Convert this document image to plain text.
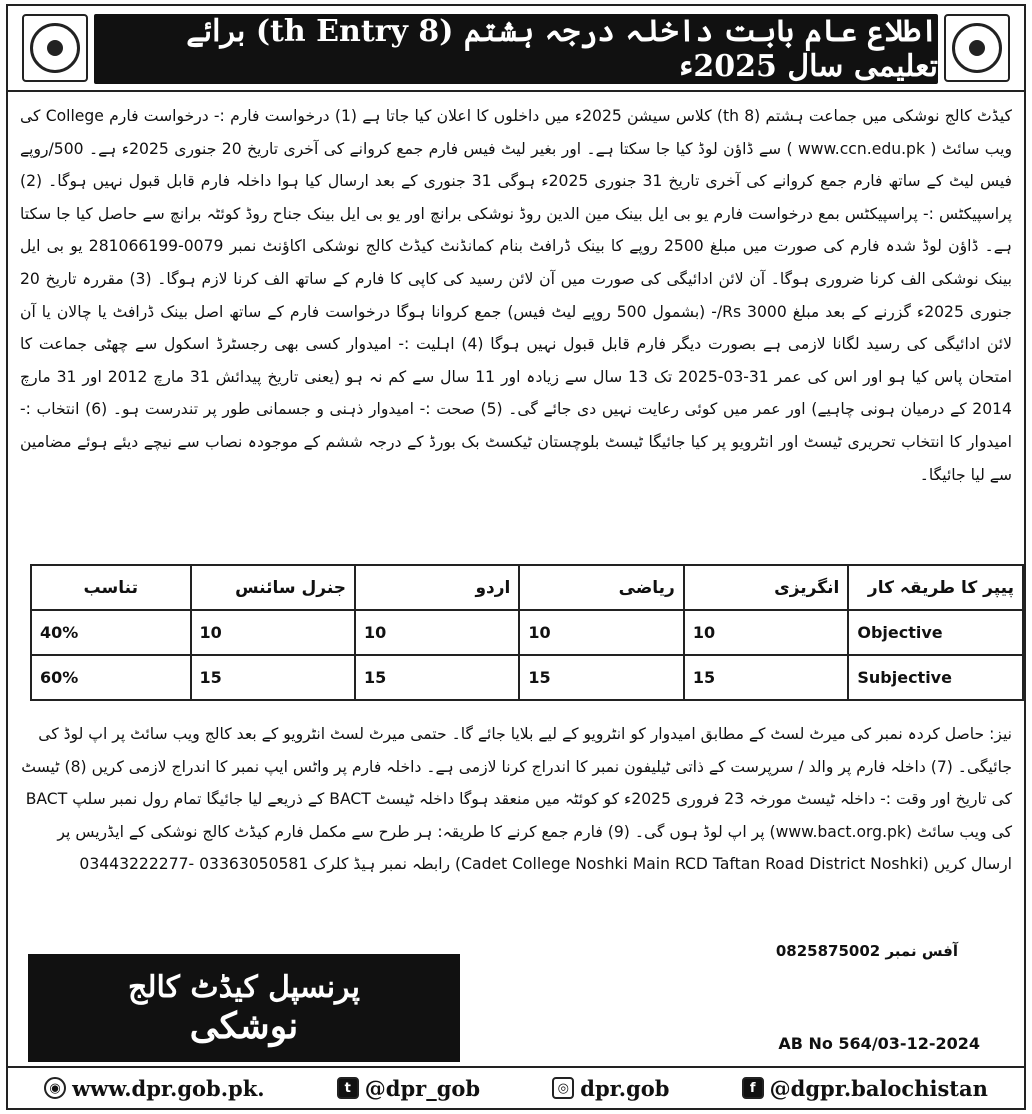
اطلاع عام بابت داخلہ درجہ ہشتم (8 th Entry) برائے تعلیمی سال 2025ء

کیڈٹ کالج نوشکی میں جماعت ہشتم (8 th) کلاس سیشن 2025ء میں داخلوں کا اعلان کیا جاتا ہے (1) درخواست فارم :- درخواست فارم College کی ویب سائٹ ( www.ccn.edu.pk ) سے ڈاؤن لوڈ کیا جا سکتا ہے۔ اور بغیر لیٹ فیس فارم جمع کروانے کی آخری تاریخ 20 جنوری 2025ء ہے۔ 500/روپے فیس لیٹ کے ساتھ فارم جمع کروانے کی آخری تاریخ 31 جنوری 2025ء ہوگی 31 جنوری کے بعد ارسال کیا ہوا داخلہ فارم قابل قبول نہیں ہوگا۔ (2) پراسپیکٹس :- پراسپیکٹس بمع درخواست فارم یو بی ایل بینک مین الدین روڈ نوشکی برانچ اور یو بی ایل بینک جناح روڈ کوئٹہ برانچ سے حاصل کیا جا سکتا ہے۔ ڈاؤن لوڈ شدہ فارم کی صورت میں مبلغ 2500 روپے کا بینک ڈرافٹ بنام کمانڈنٹ کیڈٹ کالج نوشکی اکاؤنٹ نمبر 0079-281066199 یو بی ایل بینک نوشکی الف کرنا ضروری ہوگا۔ آن لائن ادائیگی کی صورت میں آن لائن رسید کی کاپی کا فارم کے ساتھ الف کرنا لازم ہوگا۔ (3) مقررہ تاریخ 20 جنوری 2025ء گزرنے کے بعد مبلغ Rs 3000/- (بشمول 500 روپے لیٹ فیس) جمع کروانا ہوگا درخواست فارم کے ساتھ اصل بینک ڈرافٹ یا چالان یا آن لائن ادائیگی کی رسید لگانا لازمی ہے بصورت دیگر فارم قابل قبول نہیں ہوگا (4) اہلیت :- امیدوار کسی بھی رجسٹرڈ اسکول سے چھٹی جماعت کا امتحان پاس کیا ہو اور اس کی عمر 31-03-2025 تک 13 سال سے زیادہ اور 11 سال سے کم نہ ہو (یعنی تاریخ پیدائش 31 مارچ 2012 اور 31 مارچ 2014 کے درمیان ہونی چاہیے) اور عمر میں کوئی رعایت نہیں دی جائے گی۔ (5) صحت :- امیدوار ذہنی و جسمانی طور پر تندرست ہو۔ (6) انتخاب :- امیدوار کا انتخاب تحریری ٹیسٹ اور انٹرویو پر کیا جائیگا ٹیسٹ بلوچستان ٹیکسٹ بک بورڈ کے درجہ ششم کے موجودہ نصاب سے نیچے دیئے ہوئے مضامین سے لیا جائیگا۔

پیپر کا طریقہ کار	انگریزی	ریاضی	اردو	جنرل سائنس	تناسب
Objective	10	10	10	10	40%
Subjective	15	15	15	15	60%

نیز: حاصل کردہ نمبر کی میرٹ لسٹ کے مطابق امیدوار کو انٹرویو کے لیے بلایا جائے گا۔ حتمی میرٹ لسٹ انٹرویو کے بعد کالج ویب سائٹ پر اپ لوڈ کی جائیگی۔ (7) داخلہ فارم پر والد / سرپرست کے ذاتی ٹیلیفون نمبر کا اندراج کرنا لازمی ہے۔ داخلہ فارم پر واٹس ایپ نمبر کا اندراج لازمی کریں (8) ٹیسٹ کی تاریخ اور وقت :- داخلہ ٹیسٹ مورخہ 23 فروری 2025ء کو کوئٹہ میں منعقد ہوگا داخلہ ٹیسٹ BACT کے ذریعے لیا جائیگا تمام رول نمبر سلپ BACT کی ویب سائٹ (www.bact.org.pk) پر اپ لوڈ ہوں گی۔ (9) فارم جمع کرنے کا طریقہ: ہر طرح سے مکمل فارم کیڈٹ کالج نوشکی کے ایڈریس پر ارسال کریں (Cadet College Noshki Main RCD Taftan Road District Noshki) رابطہ نمبر ہیڈ کلرک 03363050581 -03443222277

آفس نمبر 0825875002
پرنسپل کیڈٹ کالج
نوشکی	AB No 564/03-12-2024
◉ www.dpr.gob.pk.	t @dpr_gob	◎ dpr.gob	f @dgpr.balochistan
